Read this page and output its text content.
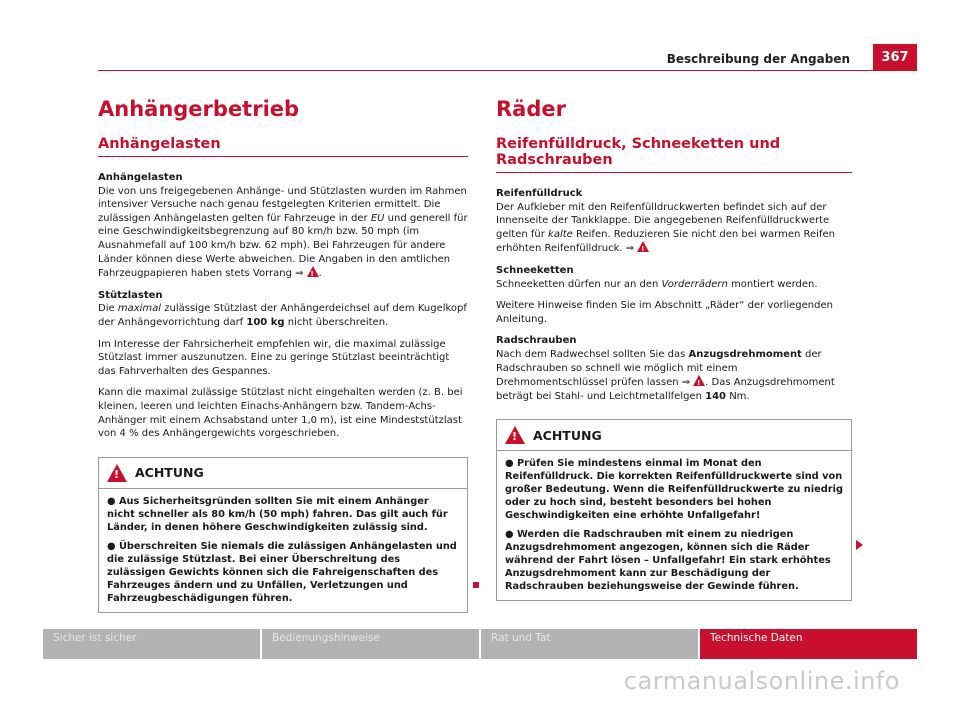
Beschreibung der Angaben	367
Anhängerbetrieb
Anhängelasten
Anhängelasten
Die von uns freigegebenen Anhänge- und Stützlasten wurden im Rahmen intensiver Versuche nach genau festgelegten Kriterien ermittelt. Die zulässigen Anhängelasten gelten für Fahrzeuge in der EU und generell für eine Geschwindigkeitsbegrenzung auf 80 km/h bzw. 50 mph (im Ausnahmefall auf 100 km/h bzw. 62 mph). Bei Fahrzeugen für andere Länder können diese Werte abweichen. Die Angaben in den amtlichen Fahrzeugpapieren haben stets Vorrang ⇒ ! .
Stützlasten
Die maximal zulässige Stützlast der Anhängerdeichsel auf dem Kugelkopf der Anhängevorrichtung darf 100 kg nicht überschreiten.
Im Interesse der Fahrsicherheit empfehlen wir, die maximal zulässige Stützlast immer auszunutzen. Eine zu geringe Stützlast beeinträchtigt das Fahrverhalten des Gespannes.
Kann die maximal zulässige Stützlast nicht eingehalten werden (z. B. bei kleinen, leeren und leichten Einachs-Anhängern bzw. Tandem-Achs-Anhänger mit einem Achsabstand unter 1,0 m), ist eine Mindeststützlast von 4 % des Anhängergewichts vorgeschrieben.
!
ACHTUNG

● Aus Sicherheitsgründen sollten Sie mit einem Anhänger nicht schneller als 80 km/h (50 mph) fahren. Das gilt auch für Länder, in denen höhere Geschwindigkeiten zulässig sind.

● Überschreiten Sie niemals die zulässigen Anhängelasten und die zulässige Stützlast. Bei einer Überschreitung des zulässigen Gewichts können sich die Fahreigenschaften des Fahrzeuges ändern und zu Unfällen, Verletzungen und Fahrzeugbeschädigungen führen.

Räder
Reifenfülldruck, Schneeketten und Radschrauben
Reifenfülldruck
Der Aufkleber mit den Reifenfülldruckwerten befindet sich auf der Innenseite der Tankklappe. Die angegebenen Reifenfülldruckwerte gelten für kalte Reifen. Reduzieren Sie nicht den bei warmen Reifen erhöhten Reifenfülldruck. ⇒!
Schneeketten
Schneeketten dürfen nur an den Vorderrädern montiert werden.
Weitere Hinweise finden Sie im Abschnitt „Räder“ der vorliegenden Anleitung.
Radschrauben
Nach dem Radwechsel sollten Sie das Anzugsdrehmoment der Radschrauben so schnell wie möglich mit einem Drehmomentschlüssel prüfen lassen ⇒ ! . Das Anzugsdrehmoment beträgt bei Stahl- und Leichtmetallfelgen 140 Nm.
!
ACHTUNG

● Prüfen Sie mindestens einmal im Monat den Reifenfülldruck. Die korrekten Reifenfülldruckwerte sind von großer Bedeutung. Wenn die Reifenfülldruckwerte zu niedrig oder zu hoch sind, besteht besonders bei hohen Geschwindigkeiten eine erhöhte Unfallgefahr!

● Werden die Radschrauben mit einem zu niedrigen Anzugsdrehmoment angezogen, können sich die Räder während der Fahrt lösen – Unfallgefahr! Ein stark erhöhtes Anzugsdrehmoment kann zur Beschädigung der Radschrauben beziehungsweise der Gewinde führen.

Sicher ist sicher	Bedienungshinweise	Rat und Tat	Technische Daten
carmanualsonline.info
